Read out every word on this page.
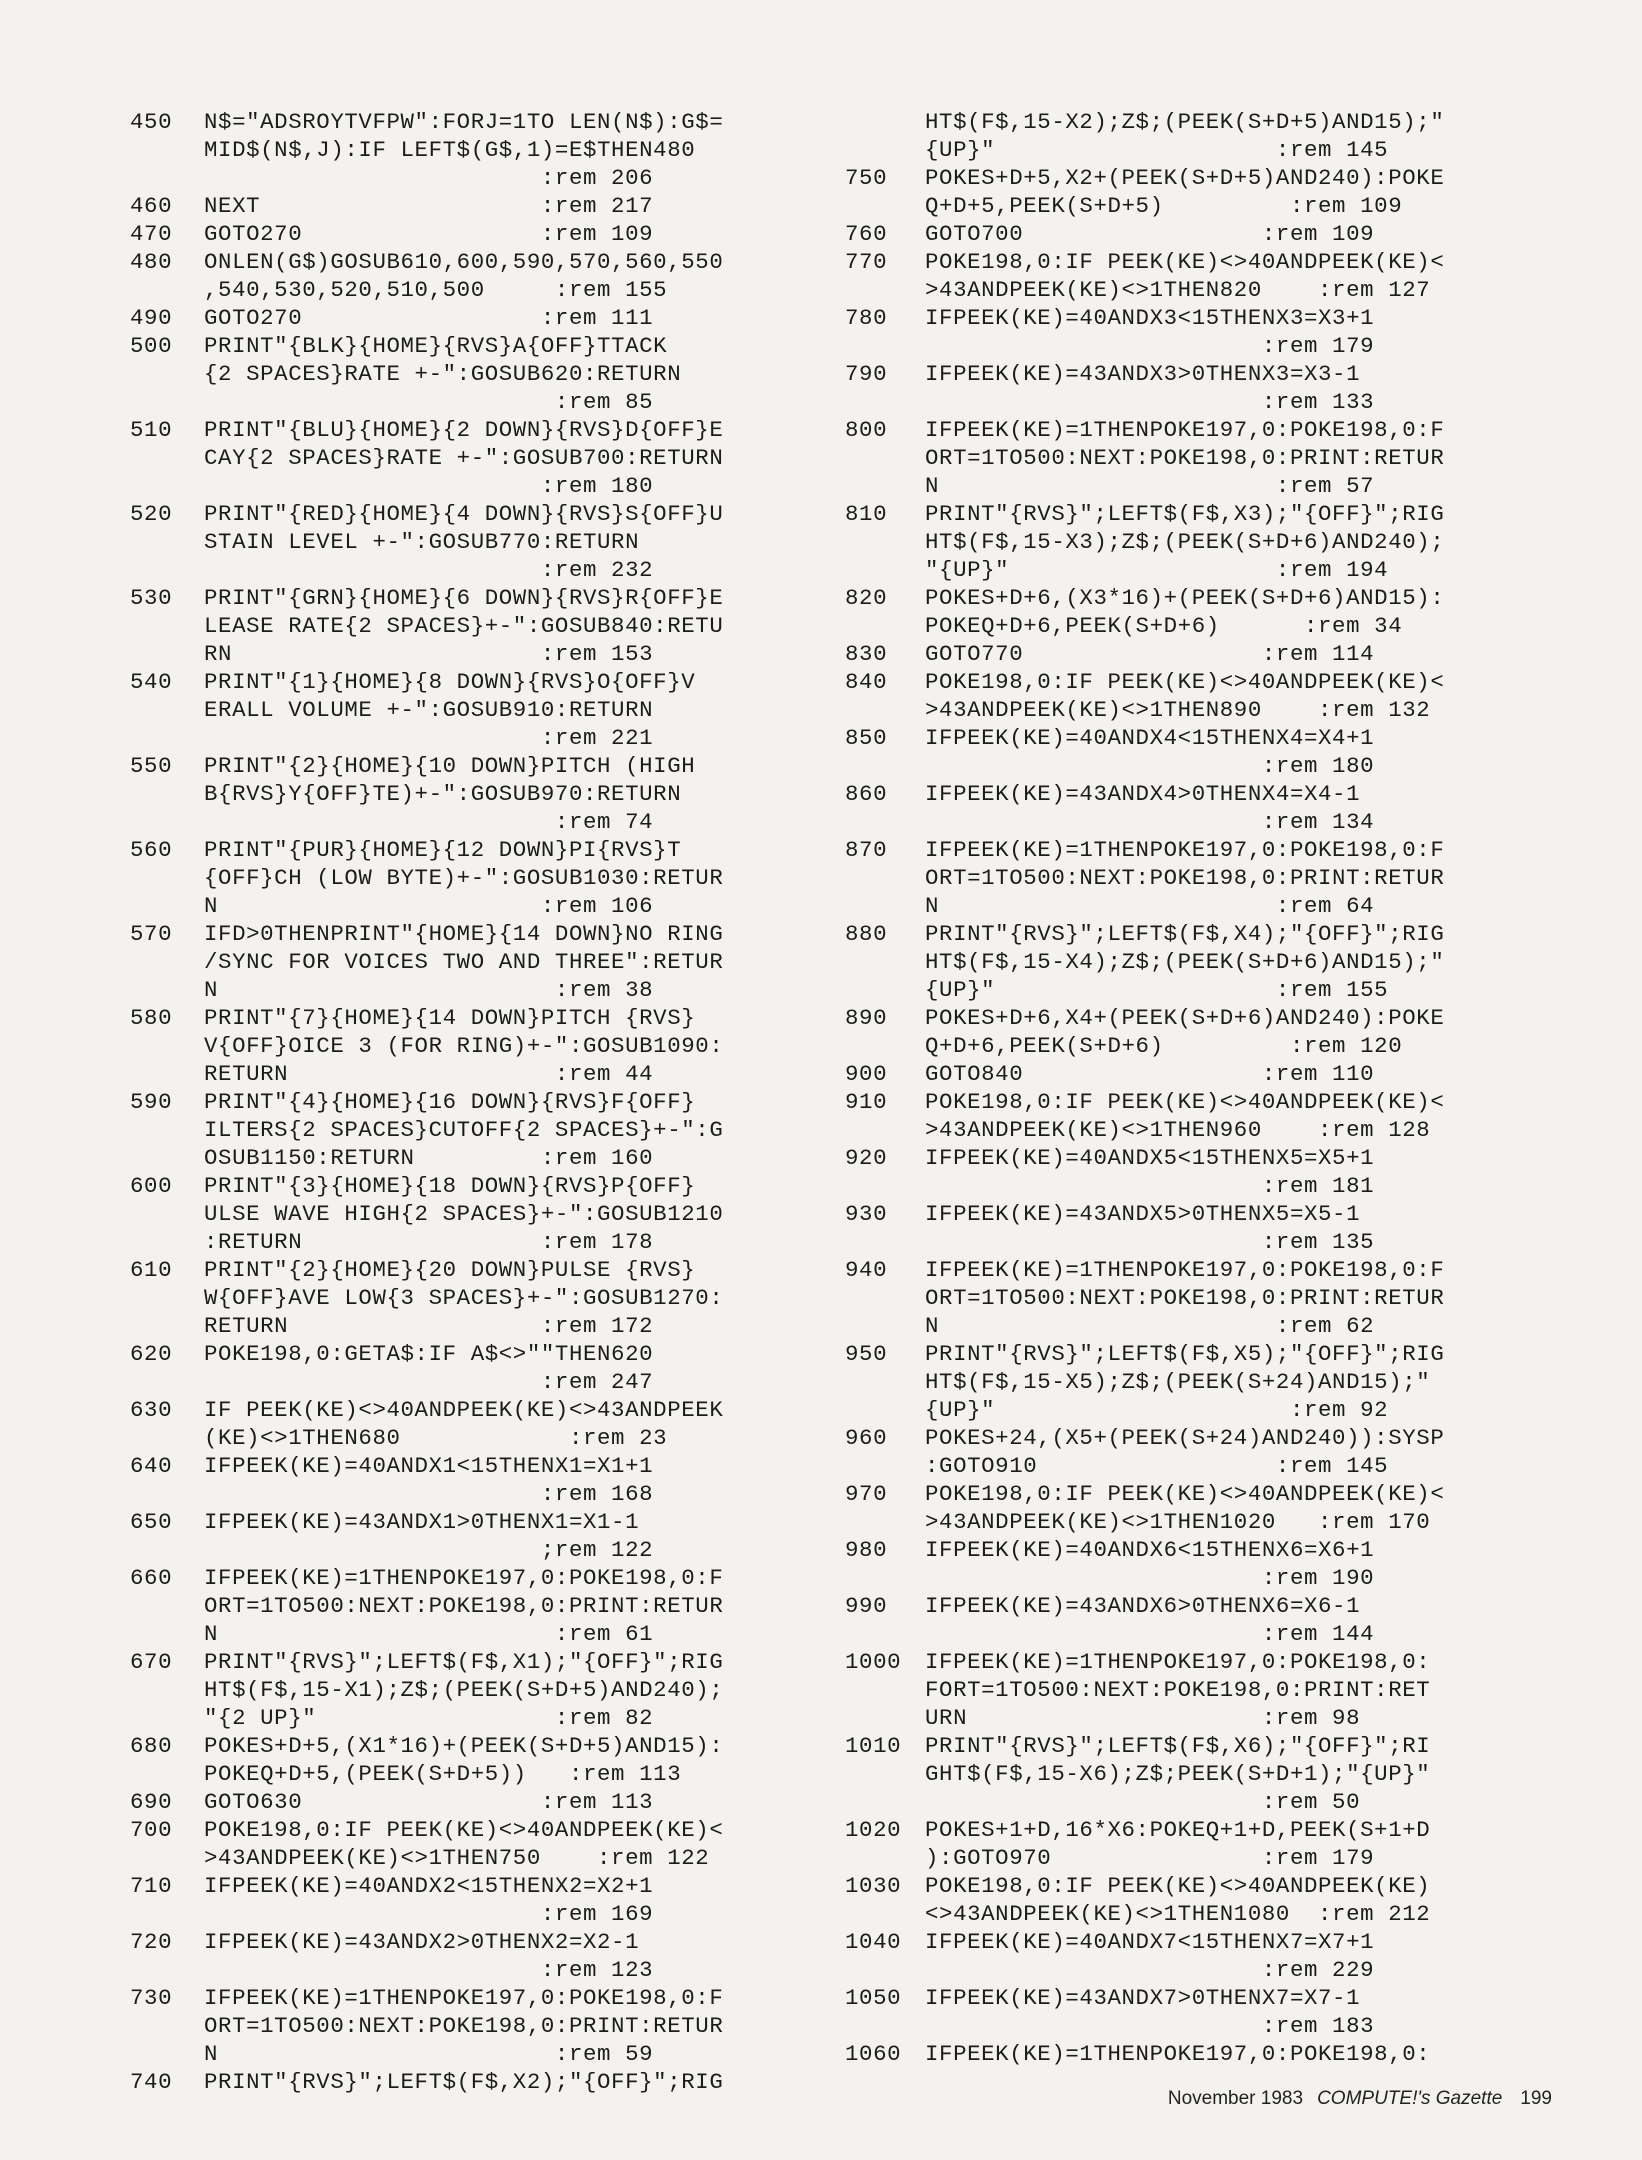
450 N$="ADSROYTVFPW":FORJ=1TO LEN(N$):G$=
MID$(N$,J):IF LEFT$(G$,1)=E$THEN480
:rem 206
460 NEXT                    :rem 217
470 GOTO270                 :rem 109
480 ONLEN(G$)GOSUB610,600,590,570,560,550
,540,530,520,510,500     :rem 155
490 GOTO270                 :rem 111
500 PRINT"{BLK}{HOME}{RVS}A{OFF}TTACK
{2 SPACES}RATE +-":GOSUB620:RETURN
:rem 85
510 PRINT"{BLU}{HOME}{2 DOWN}{RVS}D{OFF}E
CAY{2 SPACES}RATE +-":GOSUB700:RETURN
:rem 180
520 PRINT"{RED}{HOME}{4 DOWN}{RVS}S{OFF}U
STAIN LEVEL +-":GOSUB770:RETURN
:rem 232
530 PRINT"{GRN}{HOME}{6 DOWN}{RVS}R{OFF}E
LEASE RATE{2 SPACES}+-":GOSUB840:RETU
RN                      :rem 153
540 PRINT"{1}{HOME}{8 DOWN}{RVS}O{OFF}V
ERALL VOLUME +-":GOSUB910:RETURN
:rem 221
550 PRINT"{2}{HOME}{10 DOWN}PITCH (HIGH
B{RVS}Y{OFF}TE)+-":GOSUB970:RETURN
:rem 74
560 PRINT"{PUR}{HOME}{12 DOWN}PI{RVS}T
{OFF}CH (LOW BYTE)+-":GOSUB1030:RETUR
N                       :rem 106
570 IFD>0THENPRINT"{HOME}{14 DOWN}NO RING
/SYNC FOR VOICES TWO AND THREE":RETUR
N                        :rem 38
580 PRINT"{7}{HOME}{14 DOWN}PITCH {RVS}
V{OFF}OICE 3 (FOR RING)+-":GOSUB1090:
RETURN                   :rem 44
590 PRINT"{4}{HOME}{16 DOWN}{RVS}F{OFF}
ILTERS{2 SPACES}CUTOFF{2 SPACES}+-":G
OSUB1150:RETURN         :rem 160
600 PRINT"{3}{HOME}{18 DOWN}{RVS}P{OFF}
ULSE WAVE HIGH{2 SPACES}+-":GOSUB1210
:RETURN                 :rem 178
610 PRINT"{2}{HOME}{20 DOWN}PULSE {RVS}
W{OFF}AVE LOW{3 SPACES}+-":GOSUB1270:
RETURN                  :rem 172
620 POKE198,0:GETA$:IF A$<>""THEN620
:rem 247
630 IF PEEK(KE)<>40ANDPEEK(KE)<>43ANDPEEK
(KE)<>1THEN680            :rem 23
640 IFPEEK(KE)=40ANDX1<15THENX1=X1+1
:rem 168
650 IFPEEK(KE)=43ANDX1>0THENX1=X1-1
;rem 122
660 IFPEEK(KE)=1THENPOKE197,0:POKE198,0:F
ORT=1TO500:NEXT:POKE198,0:PRINT:RETUR
N                        :rem 61
670 PRINT"{RVS}";LEFT$(F$,X1);"{OFF}";RIG
HT$(F$,15-X1);Z$;(PEEK(S+D+5)AND240);
"{2 UP}"                 :rem 82
680 POKES+D+5,(X1*16)+(PEEK(S+D+5)AND15):
POKEQ+D+5,(PEEK(S+D+5))   :rem 113
690 GOTO630                 :rem 113
700 POKE198,0:IF PEEK(KE)<>40ANDPEEK(KE)<
>43ANDPEEK(KE)<>1THEN750    :rem 122
710 IFPEEK(KE)=40ANDX2<15THENX2=X2+1
:rem 169
720 IFPEEK(KE)=43ANDX2>0THENX2=X2-1
:rem 123
730 IFPEEK(KE)=1THENPOKE197,0:POKE198,0:F
ORT=1TO500:NEXT:POKE198,0:PRINT:RETUR
N                        :rem 59
740 PRINT"{RVS}";LEFT$(F$,X2);"{OFF}";RIG
HT$(F$,15-X2);Z$;(PEEK(S+D+5)AND15);"
{UP}"                    :rem 145
750 POKES+D+5,X2+(PEEK(S+D+5)AND240):POKE
Q+D+5,PEEK(S+D+5)         :rem 109
760 GOTO700                 :rem 109
770 POKE198,0:IF PEEK(KE)<>40ANDPEEK(KE)<
>43ANDPEEK(KE)<>1THEN820    :rem 127
780 IFPEEK(KE)=40ANDX3<15THENX3=X3+1
:rem 179
790 IFPEEK(KE)=43ANDX3>0THENX3=X3-1
:rem 133
800 IFPEEK(KE)=1THENPOKE197,0:POKE198,0:F
ORT=1TO500:NEXT:POKE198,0:PRINT:RETUR
N                        :rem 57
810 PRINT"{RVS}";LEFT$(F$,X3);"{OFF}";RIG
HT$(F$,15-X3);Z$;(PEEK(S+D+6)AND240);
"{UP}"                   :rem 194
820 POKES+D+6,(X3*16)+(PEEK(S+D+6)AND15):
POKEQ+D+6,PEEK(S+D+6)      :rem 34
830 GOTO770                 :rem 114
840 POKE198,0:IF PEEK(KE)<>40ANDPEEK(KE)<
>43ANDPEEK(KE)<>1THEN890    :rem 132
850 IFPEEK(KE)=40ANDX4<15THENX4=X4+1
:rem 180
860 IFPEEK(KE)=43ANDX4>0THENX4=X4-1
:rem 134
870 IFPEEK(KE)=1THENPOKE197,0:POKE198,0:F
ORT=1TO500:NEXT:POKE198,0:PRINT:RETUR
N                        :rem 64
880 PRINT"{RVS}";LEFT$(F$,X4);"{OFF}";RIG
HT$(F$,15-X4);Z$;(PEEK(S+D+6)AND15);"
{UP}"                    :rem 155
890 POKES+D+6,X4+(PEEK(S+D+6)AND240):POKE
Q+D+6,PEEK(S+D+6)         :rem 120
900 GOTO840                 :rem 110
910 POKE198,0:IF PEEK(KE)<>40ANDPEEK(KE)<
>43ANDPEEK(KE)<>1THEN960    :rem 128
920 IFPEEK(KE)=40ANDX5<15THENX5=X5+1
:rem 181
930 IFPEEK(KE)=43ANDX5>0THENX5=X5-1
:rem 135
940 IFPEEK(KE)=1THENPOKE197,0:POKE198,0:F
ORT=1TO500:NEXT:POKE198,0:PRINT:RETUR
N                        :rem 62
950 PRINT"{RVS}";LEFT$(F$,X5);"{OFF}";RIG
HT$(F$,15-X5);Z$;(PEEK(S+24)AND15);"
{UP}"                     :rem 92
960 POKES+24,(X5+(PEEK(S+24)AND240)):SYSP
:GOTO910                 :rem 145
970 POKE198,0:IF PEEK(KE)<>40ANDPEEK(KE)<
>43ANDPEEK(KE)<>1THEN1020   :rem 170
980 IFPEEK(KE)=40ANDX6<15THENX6=X6+1
:rem 190
990 IFPEEK(KE)=43ANDX6>0THENX6=X6-1
:rem 144
1000 IFPEEK(KE)=1THENPOKE197,0:POKE198,0:
FORT=1TO500:NEXT:POKE198,0:PRINT:RET
URN                     :rem 98
1010 PRINT"{RVS}";LEFT$(F$,X6);"{OFF}";RI
GHT$(F$,15-X6);Z$;PEEK(S+D+1);"{UP}"
:rem 50
1020 POKES+1+D,16*X6:POKEQ+1+D,PEEK(S+1+D
):GOTO970               :rem 179
1030 POKE198,0:IF PEEK(KE)<>40ANDPEEK(KE)
<>43ANDPEEK(KE)<>1THEN1080  :rem 212
1040 IFPEEK(KE)=40ANDX7<15THENX7=X7+1
:rem 229
1050 IFPEEK(KE)=43ANDX7>0THENX7=X7-1
:rem 183
1060 IFPEEK(KE)=1THENPOKE197,0:POKE198,0:
November 1983 COMPUTE!'s Gazette 199
